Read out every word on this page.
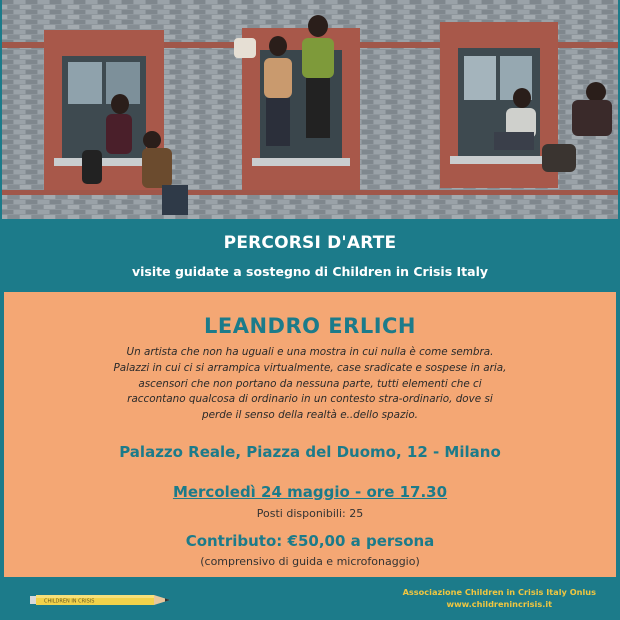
PERCORSI D'ARTE
visite guidate a sostegno di Children in Crisis Italy
LEANDRO ERLICH
Un artista che non ha uguali e una mostra in cui nulla è come sembra.
Palazzi in cui ci si arrampica virtualmente, case sradicate e sospese in aria,
ascensori che non portano da nessuna parte, tutti elementi che ci
raccontano qualcosa di ordinario in un contesto stra-ordinario, dove si
perde il senso della realtà e..dello spazio.
Palazzo Reale, Piazza del Duomo, 12 - Milano
Mercoledì 24 maggio - ore 17.30
Posti disponibili: 25
Contributo: €50,00 a persona
(comprensivo di guida e microfonaggio)
CHILDREN IN CRISIS
Associazione Children in Crisis Italy Onlus
www.childrenincrisis.it
